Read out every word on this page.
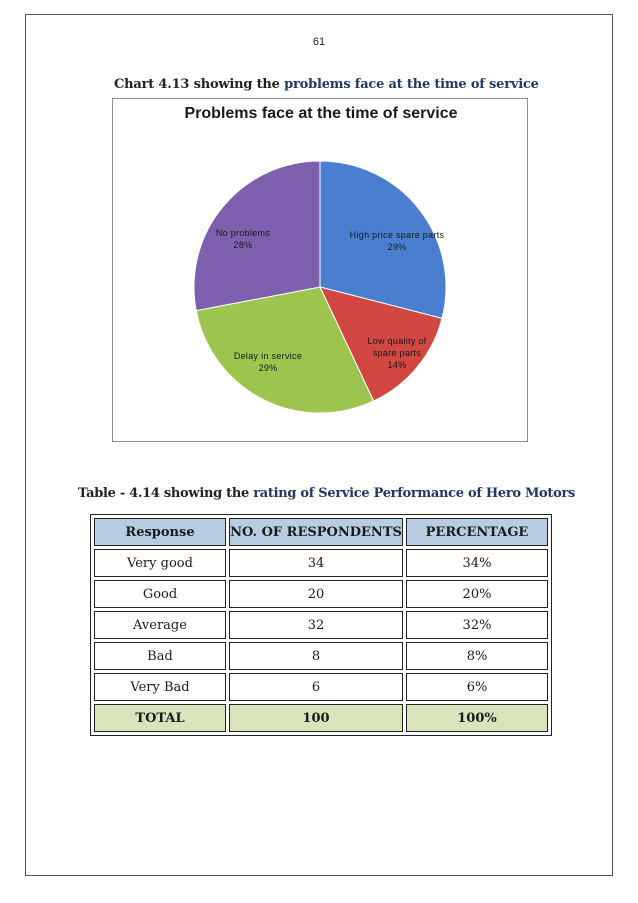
61
Chart 4.13 showing the problems face at the time of service
Problems face at the time of service
High price spare parts
29%
Low quality of spare parts
14%
Delay in service
29%
No problems
28%
Table - 4.14 showing the rating of Service Performance of Hero Motors
Response	NO. OF RESPONDENTS	PERCENTAGE
Very good	34	34%
Good	20	20%
Average	32	32%
Bad	8	8%
Very Bad	6	6%
TOTAL	100	100%
